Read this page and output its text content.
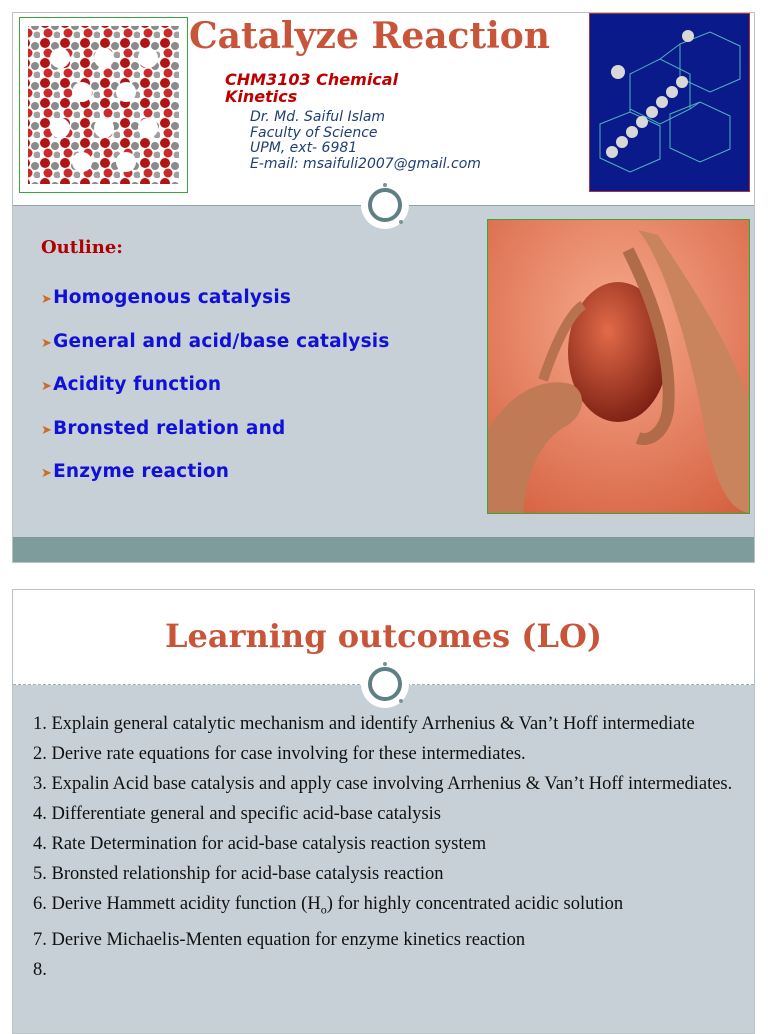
Catalyze Reaction
CHM3103 Chemical Kinetics
Dr. Md. Saiful Islam
Faculty of Science
UPM, ext- 6981
E-mail: msaifuli2007@gmail.com
Outline:
➤Homogenous catalysis
➤General and acid/base catalysis
➤Acidity function
➤Bronsted relation and
➤Enzyme reaction
Learning outcomes (LO)
1. Explain general catalytic mechanism and identify Arrhenius & Van’t Hoff intermediate
2. Derive rate equations for case involving for these intermediates.
3. Expalin Acid base catalysis and apply case involving Arrhenius & Van’t Hoff intermediates.
4. Differentiate general and specific acid-base catalysis
4. Rate Determination for acid-base catalysis reaction system
5. Bronsted relationship for acid-base catalysis reaction
6. Derive Hammett acidity function $(H_o)$ for highly concentrated acidic solution
7. Derive Michaelis-Menten equation for enzyme kinetics reaction
8.
